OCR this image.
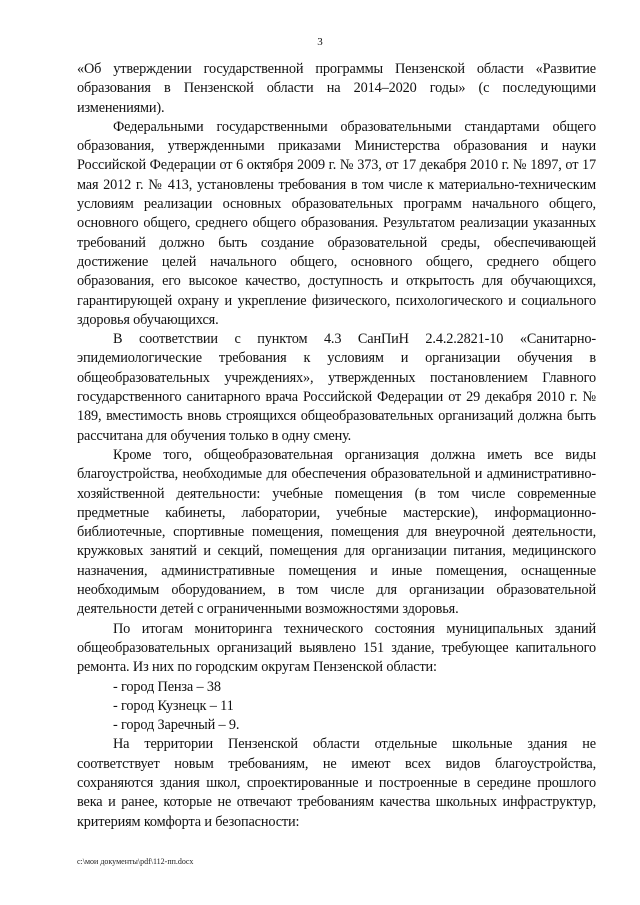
3

«Об утверждении государственной программы Пензенской области «Развитие образования в Пензенской области на 2014–2020 годы» (с последующими изменениями).

Федеральными государственными образовательными стандартами общего образования, утвержденными приказами Министерства образования и науки Российской Федерации от 6 октября 2009 г. № 373, от 17 декабря 2010 г. № 1897, от 17 мая 2012 г. № 413, установлены требования в том числе к материально-техническим условиям реализации основных образовательных программ начального общего, основного общего, среднего общего образования. Результатом реализации указанных требований должно быть создание образовательной среды, обеспечивающей достижение целей начального общего, основного общего, среднего общего образования, его высокое качество, доступность и открытость для обучающихся, гарантирующей охрану и укрепление физического, психологического и социального здоровья обучающихся.

В соответствии с пунктом 4.3 СанПиН 2.4.2.2821-10 «Санитарно-эпидемиологические требования к условиям и организации обучения в общеобразовательных учреждениях», утвержденных постановлением Главного государственного санитарного врача Российской Федерации от 29 декабря 2010 г. № 189, вместимость вновь строящихся общеобразовательных организаций должна быть рассчитана для обучения только в одну смену.

Кроме того, общеобразовательная организация должна иметь все виды благоустройства, необходимые для обеспечения образовательной и административно-хозяйственной деятельности: учебные помещения (в том числе современные предметные кабинеты, лаборатории, учебные мастерские), информационно-библиотечные, спортивные помещения, помещения для внеурочной деятельности, кружковых занятий и секций, помещения для организации питания, медицинского назначения, административные помещения и иные помещения, оснащенные необходимым оборудованием, в том числе для организации образовательной деятельности детей с ограниченными возможностями здоровья.

По итогам мониторинга технического состояния муниципальных зданий общеобразовательных организаций выявлено 151 здание, требующее капитального ремонта. Из них по городским округам Пензенской области:

- город Пенза – 38

- город Кузнецк – 11

- город Заречный – 9.

На территории Пензенской области отдельные школьные здания не соответствует новым требованиям, не имеют всех видов благоустройства, сохраняются здания школ, спроектированные и построенные в середине прошлого века и ранее, которые не отвечают требованиям качества школьных инфраструктур, критериям комфорта и безопасности:

c:\мои документы\pdf\112-пп.docx
